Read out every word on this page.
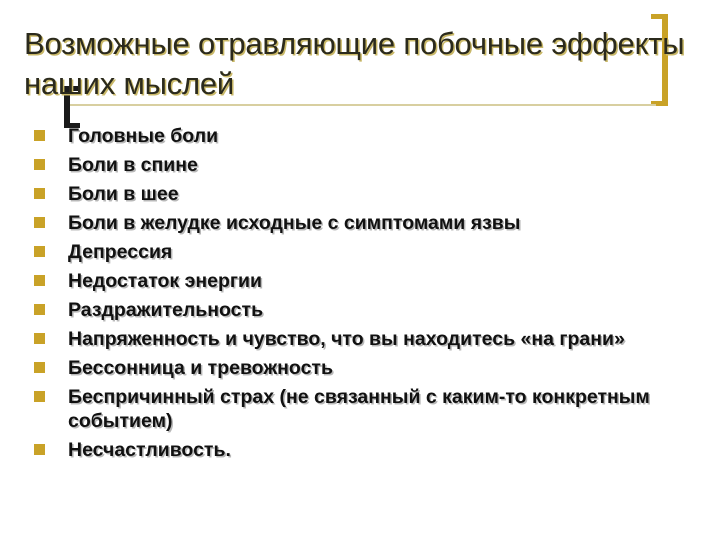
Возможные отравляющие побочные эффекты наших мыслей
Головные боли
Боли в спине
Боли в шее
Боли в желудке исходные с симптомами язвы
Депрессия
Недостаток энергии
Раздражительность
Напряженность и чувство, что вы находитесь «на грани»
Бессонница и тревожность
Беспричинный страх (не связанный с каким-то конкретным событием)
Несчастливость.
